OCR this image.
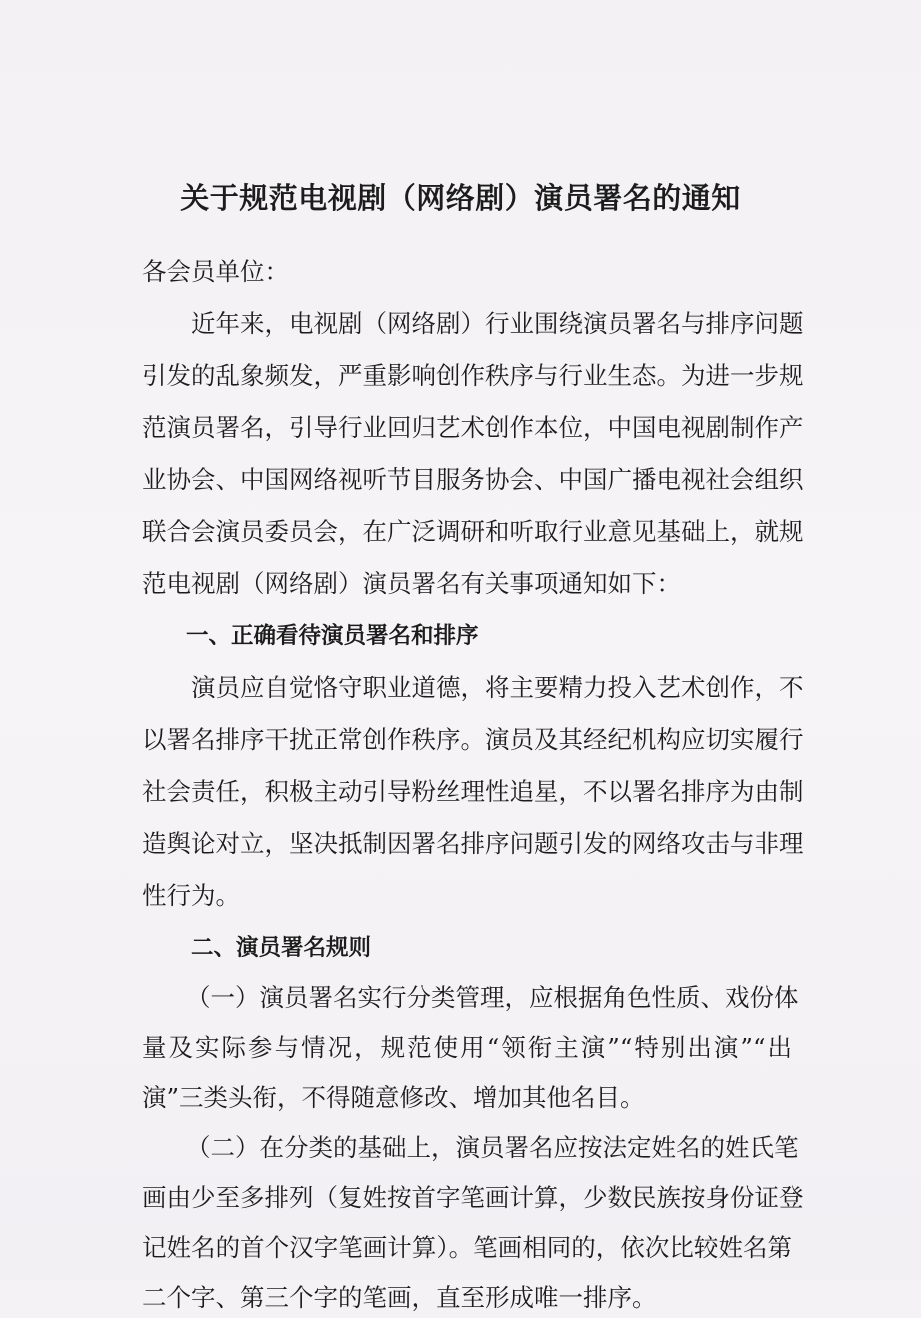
关于规范电视剧（网络剧）演员署名的通知
各会员单位：
近年来，电视剧（网络剧）行业围绕演员署名与排序问题
引发的乱象频发，严重影响创作秩序与行业生态。为进一步规
范演员署名，引导行业回归艺术创作本位，中国电视剧制作产
业协会、中国网络视听节目服务协会、中国广播电视社会组织
联合会演员委员会，在广泛调研和听取行业意见基础上，就规
范电视剧（网络剧）演员署名有关事项通知如下：
一、正确看待演员署名和排序
演员应自觉恪守职业道德，将主要精力投入艺术创作，不
以署名排序干扰正常创作秩序。演员及其经纪机构应切实履行
社会责任，积极主动引导粉丝理性追星，不以署名排序为由制
造舆论对立，坚决抵制因署名排序问题引发的网络攻击与非理
性行为。
二、演员署名规则
（一）演员署名实行分类管理，应根据角色性质、戏份体
量及实际参与情况，规范使用“领衔主演”“特别出演”“出
演”三类头衔，不得随意修改、增加其他名目。
（二）在分类的基础上，演员署名应按法定姓名的姓氏笔
画由少至多排列（复姓按首字笔画计算，少数民族按身份证登
记姓名的首个汉字笔画计算）。笔画相同的，依次比较姓名第
二个字、第三个字的笔画，直至形成唯一排序。
